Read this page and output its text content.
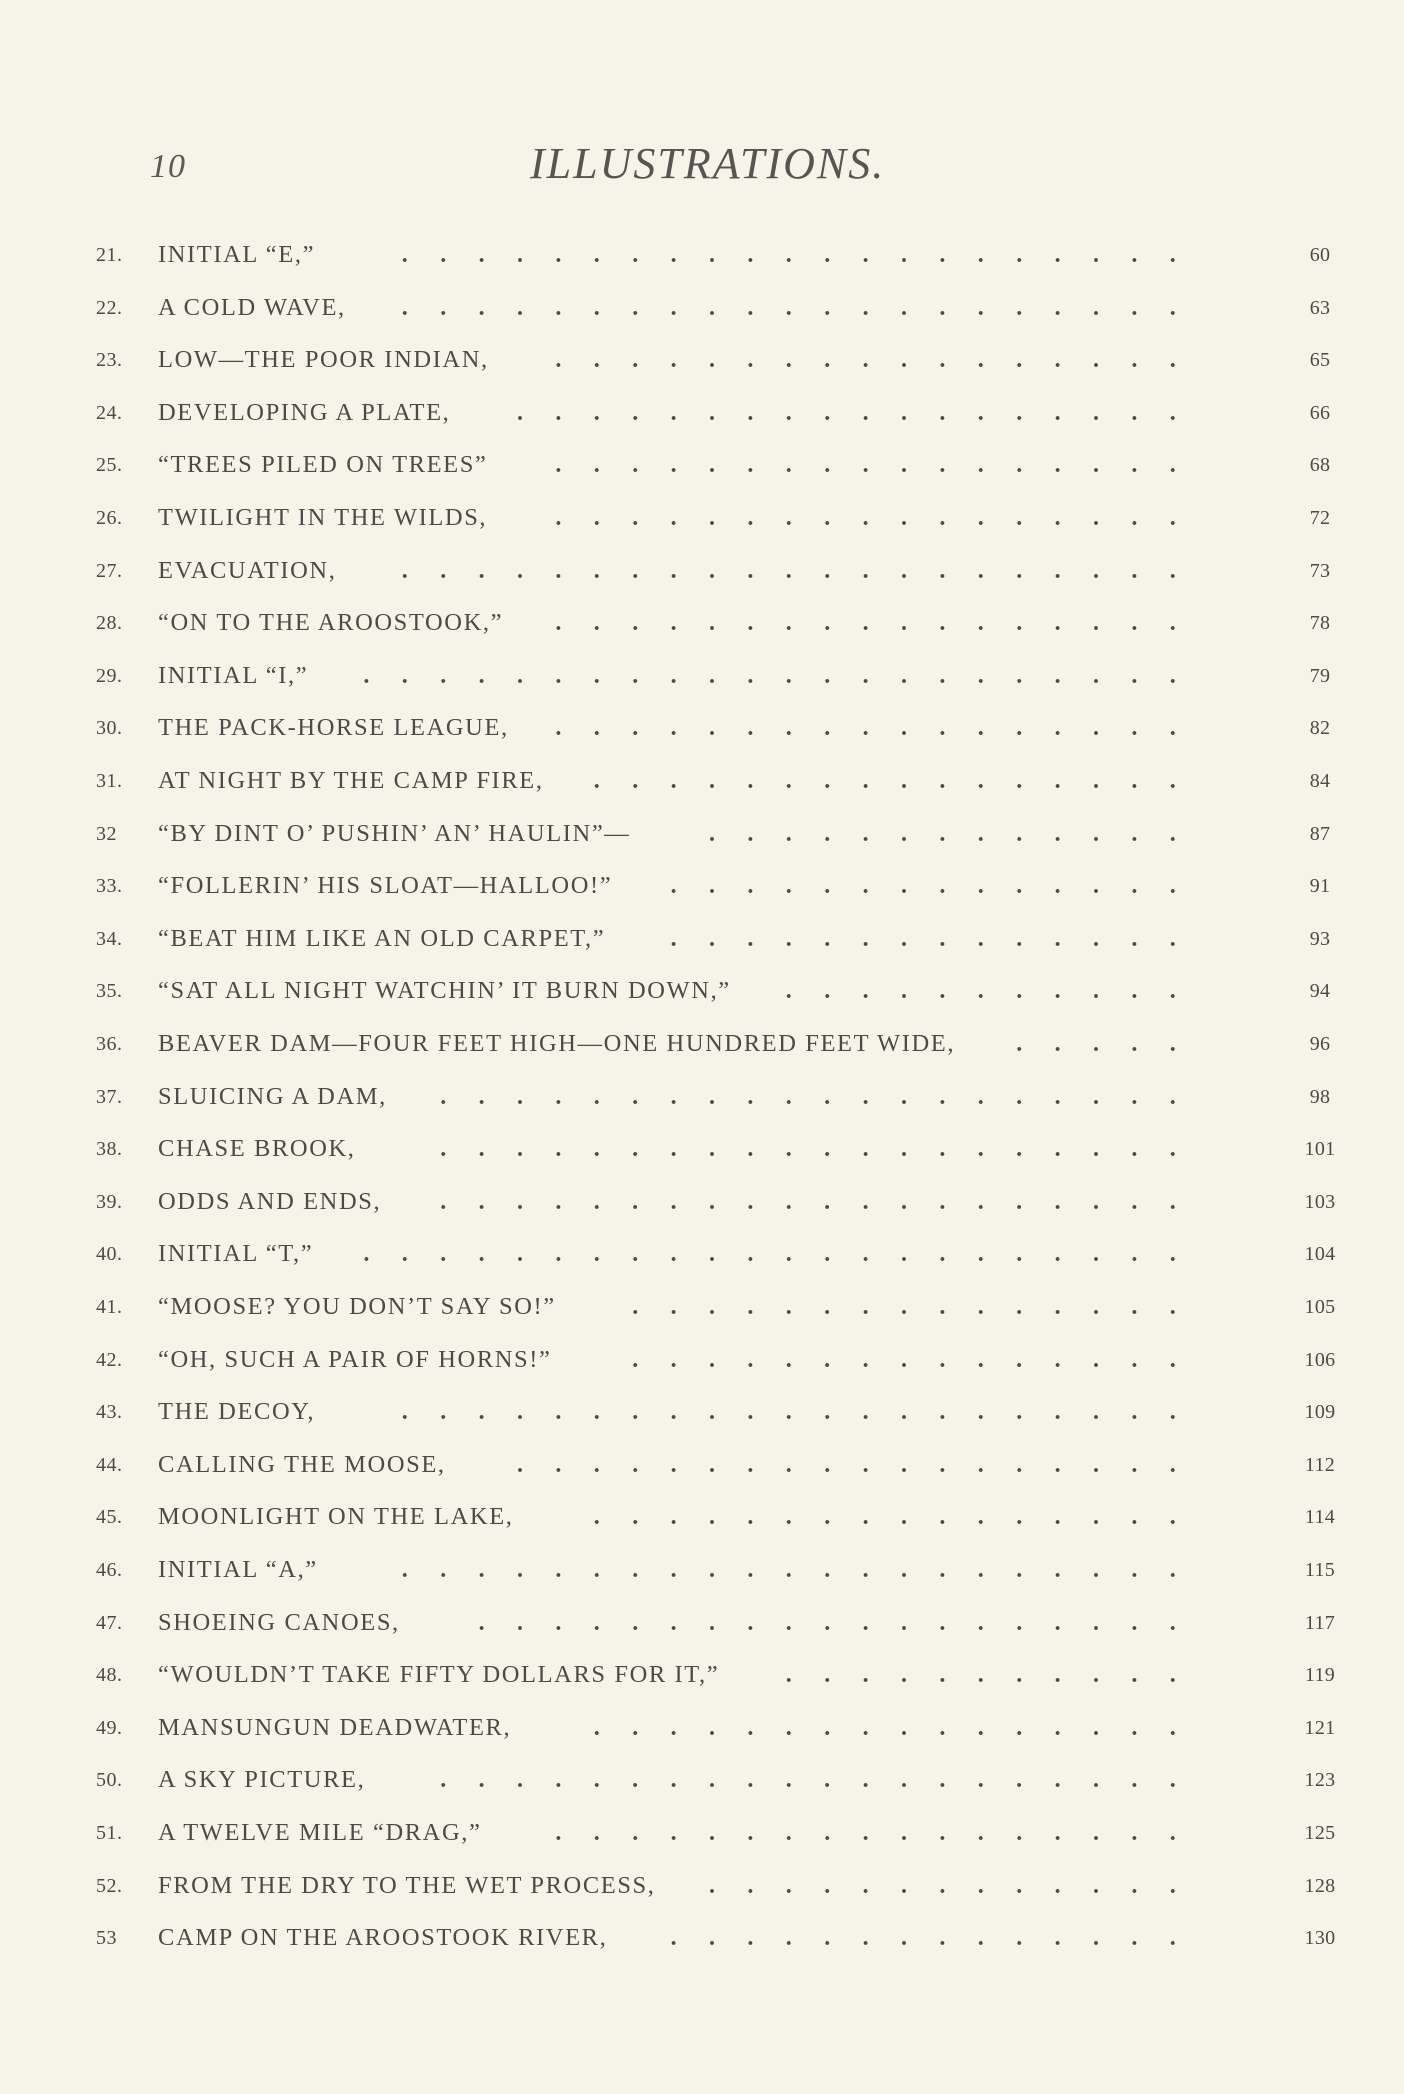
10	ILLUSTRATIONS.
21.	INITIAL “E,”	. . . . . . . . . . . . . . . . . . . . .	60
22.	A COLD WAVE, . . . . . . . . . . . . . . . . . . . . .	63
23.	LOW—THE POOR INDIAN,	. . . . . . . . . . . . . . . . .	65
24.	DEVELOPING A PLATE,	. . . . . . . . . . . . . . . . . .	66
25.	“TREES PILED ON TREES”	. . . . . . . . . . . . . . . . .	68
26.	TWILIGHT IN THE WILDS,	. . . . . . . . . . . . . . . . .	72
27.	EVACUATION,	. . . . . . . . . . . . . . . . . . . . .	73
28.	“ON TO THE AROOSTOOK,” . . . . . . . . . . . . . . . . .	78
29.	INITIAL “I,” . . . . . . . . . . . . . . . . . . . . . .	79
30.	THE PACK-HORSE LEAGUE, . . . . . . . . . . . . . . . . .	82
31.	AT NIGHT BY THE CAMP FIRE, . . . . . . . . . . . . . . . .	84
32	“BY DINT O’ PUSHIN’ AN’ HAULIN”—	. . . . . . . . . . . . .	87
33.	“FOLLERIN’ HIS SLOAT—HALLOO!” . . . . . . . . . . . . . .	91
34.	“BEAT HIM LIKE AN OLD CARPET,”	. . . . . . . . . . . . . .	93
35.	“SAT ALL NIGHT WATCHIN’ IT BURN DOWN,” . . . . . . . . . . .	94
36.	BEAVER DAM—FOUR FEET HIGH—ONE HUNDRED FEET WIDE,	. . . . .	96
37.	SLUICING A DAM, . . . . . . . . . . . . . . . . . . . .	98
38.	CHASE BROOK,	. . . . . . . . . . . . . . . . . . . .	101
39.	ODDS AND ENDS, . . . . . . . . . . . . . . . . . . . .	103
40.	INITIAL “T,” . . . . . . . . . . . . . . . . . . . . . .	104
41.	“MOOSE? YOU DON’T SAY SO!”	. . . . . . . . . . . . . . .	105
42.	“OH, SUCH A PAIR OF HORNS!”	. . . . . . . . . . . . . . .	106
43.	THE DECOY,	. . . . . . . . . . . . . . . . . . . . .	109
44.	CALLING THE MOOSE,	. . . . . . . . . . . . . . . . . .	112
45.	MOONLIGHT ON THE LAKE,	. . . . . . . . . . . . . . . .	114
46.	INITIAL “A,”	. . . . . . . . . . . . . . . . . . . . .	115
47.	SHOEING CANOES,	. . . . . . . . . . . . . . . . . . .	117
48.	“WOULDN’T TAKE FIFTY DOLLARS FOR IT,”	. . . . . . . . . . .	119
49.	MANSUNGUN DEADWATER,	. . . . . . . . . . . . . . . .	121
50.	A SKY PICTURE,	. . . . . . . . . . . . . . . . . . . .	123
51.	A TWELVE MILE “DRAG,”	. . . . . . . . . . . . . . . . .	125
52.	FROM THE DRY TO THE WET PROCESS, . . . . . . . . . . . . .	128
53	CAMP ON THE AROOSTOOK RIVER,	. . . . . . . . . . . . . .	130
